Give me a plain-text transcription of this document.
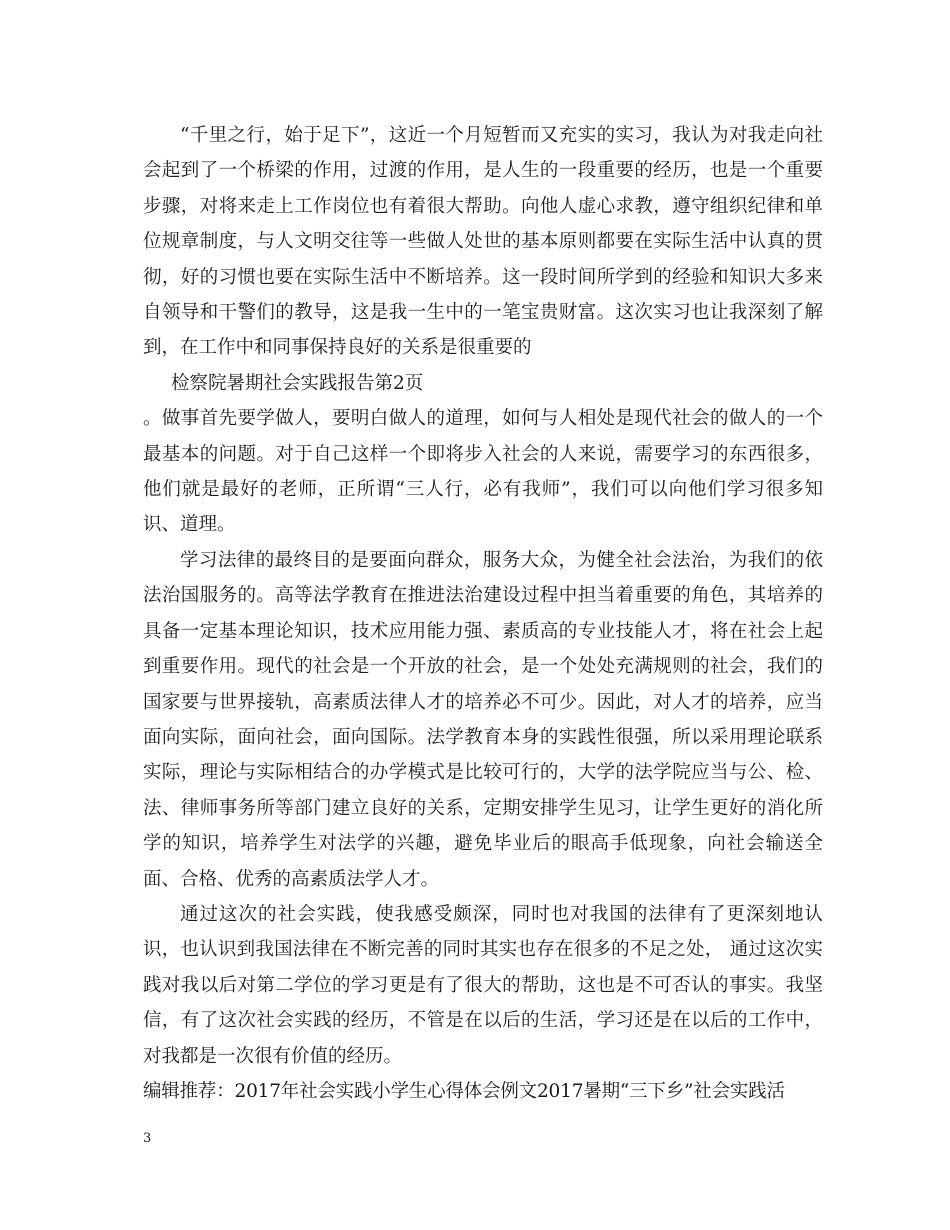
“千里之行，始于足下”，这近一个月短暂而又充实的实习，我认为对我走向社会起到了一个桥梁的作用，过渡的作用，是人生的一段重要的经历，也是一个重要步骤，对将来走上工作岗位也有着很大帮助。向他人虚心求教，遵守组织纪律和单位规章制度，与人文明交往等一些做人处世的基本原则都要在实际生活中认真的贯彻，好的习惯也要在实际生活中不断培养。这一段时间所学到的经验和知识大多来自领导和干警们的教导，这是我一生中的一笔宝贵财富。这次实习也让我深刻了解到，在工作中和同事保持良好的关系是很重要的

检察院暑期社会实践报告第2页

。做事首先要学做人，要明白做人的道理，如何与人相处是现代社会的做人的一个最基本的问题。对于自己这样一个即将步入社会的人来说，需要学习的东西很多，他们就是最好的老师，正所谓“三人行，必有我师”，我们可以向他们学习很多知识、道理。

学习法律的最终目的是要面向群众，服务大众，为健全社会法治，为我们的依法治国服务的。高等法学教育在推进法治建设过程中担当着重要的角色，其培养的具备一定基本理论知识，技术应用能力强、素质高的专业技能人才，将在社会上起到重要作用。现代的社会是一个开放的社会，是一个处处充满规则的社会，我们的国家要与世界接轨，高素质法律人才的培养必不可少。因此，对人才的培养，应当面向实际，面向社会，面向国际。法学教育本身的实践性很强，所以采用理论联系实际，理论与实际相结合的办学模式是比较可行的，大学的法学院应当与公、检、法、律师事务所等部门建立良好的关系，定期安排学生见习，让学生更好的消化所学的知识，培养学生对法学的兴趣，避免毕业后的眼高手低现象，向社会输送全面、合格、优秀的高素质法学人才。

通过这次的社会实践，使我感受颇深，同时也对我国的法律有了更深刻地认识，也认识到我国法律在不断完善的同时其实也存在很多的不足之处， 通过这次实践对我以后对第二学位的学习更是有了很大的帮助，这也是不可否认的事实。我坚信，有了这次社会实践的经历，不管是在以后的生活，学习还是在以后的工作中，对我都是一次很有价值的经历。

编辑推荐：2017年社会实践小学生心得体会例文2017暑期“三下乡”社会实践活

3
